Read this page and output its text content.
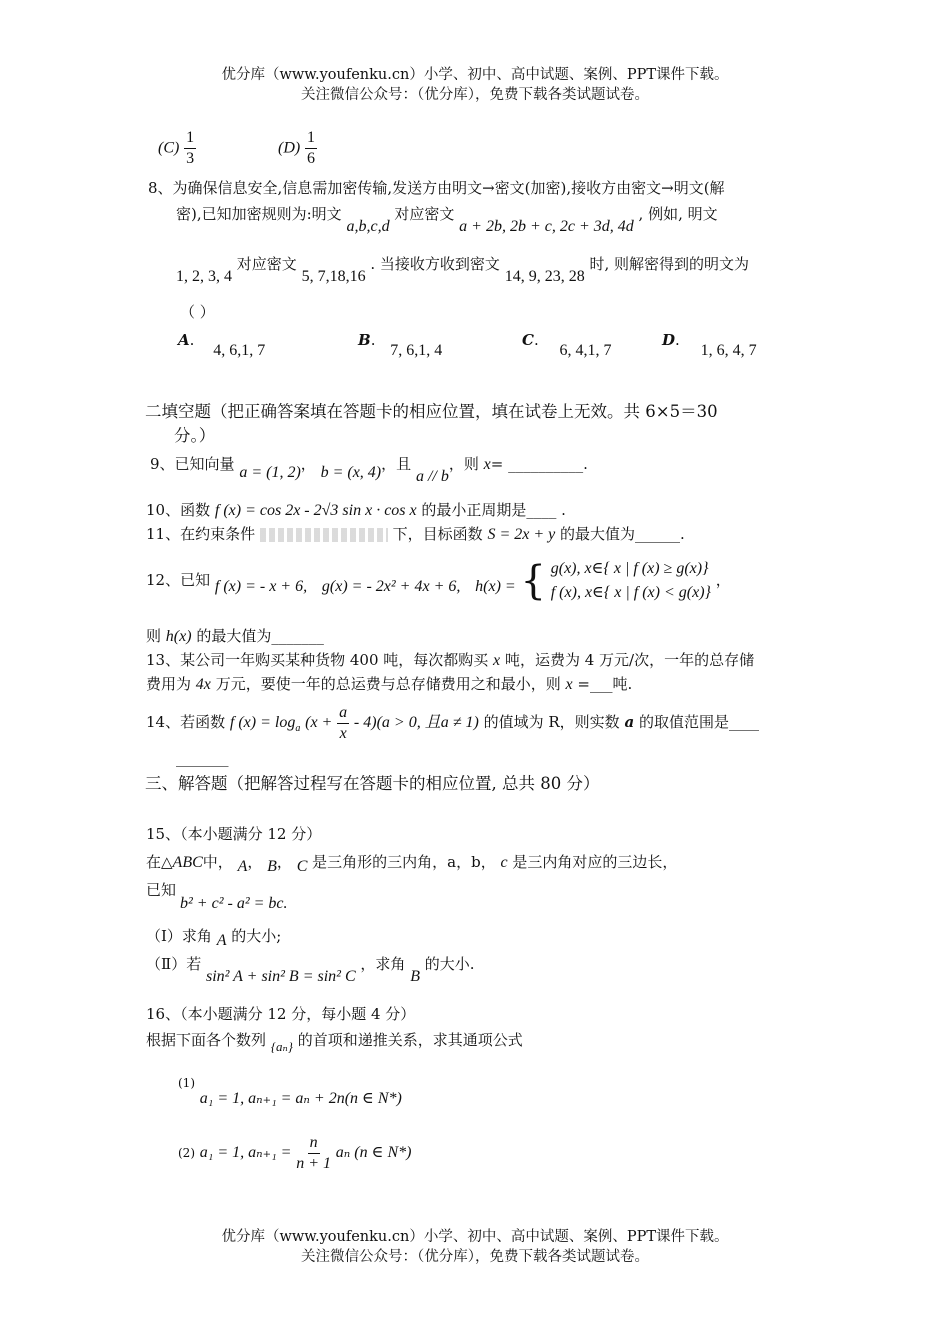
优分库（www.youfenku.cn）小学、初中、高中试题、案例、PPT课件下载。
关注微信公众号：（优分库），免费下载各类试题试卷。
$(C) \frac{1}{3}$	$(D) \frac{1}{6}$
8、为确保信息安全,信息需加密传输,发送方由明文→密文(加密),接收方由密文→明文(解
密),已知加密规则为:明文 a,b,c,d 对应密文 a + 2b, 2b + c, 2c + 3d, 4d , 例如, 明文
1, 2, 3, 4 对应密文 5, 7,18,16 . 当接收方收到密文 14, 9, 23, 28 时, 则解密得到的明文为
（ ）
A. 4, 6,1, 7
B. 7, 6,1, 4
C. 6, 4,1, 7
D. 1, 6, 4, 7
二填空题（把正确答案填在答题卡的相应位置，填在试卷上无效。共 6×5＝30
分。）
9、已知向量 a = (1, 2)， b = (x, 4)，且 a // b，则 x= __________.
10、函数 f (x) = cos 2x - 2√3 sin x · cos x 的最小正周期是____ .
11、在约束条件	下，目标函数 S = 2x + y 的最大值为______.
12、已知 f (x) = - x + 6, g(x) = - 2x² + 4x + 6, h(x) = { g(x), x∈{ x | f (x) ≥ g(x)}
f (x), x∈{ x | f (x) < g(x)}
，
则 h(x) 的最大值为_______
13、某公司一年购买某种货物 400 吨，每次都购买 x 吨，运费为 4 万元/次，一年的总存储
费用为 4x 万元，要使一年的总运费与总存储费用之和最小，则 x =___吨.
14、若函数 f $(x) = \log_a (x + \frac{a}{x} - 4)(a > 0$, 且a ≠ 1) 的值域为 R，则实数 a 的取值范围是____
_______
三、解答题（把解答过程写在答题卡的相应位置, 总共 80 分）
15、（本小题满分 12 分）
在△ABC中， A， B， C 是三角形的三内角，a，b， c 是三内角对应的三边长，
已知
b² + c² - a² = bc.
（Ⅰ）求角 A 的大小;
（Ⅱ）若 sin² A + sin² B = sin² C ，求角 B 的大小.
16、（本小题满分 12 分，每小题 4 分）
根据下面各个数列 {aₙ} 的首项和递推关系，求其通项公式
$^{(1)}$ a₁ = 1, aₙ₊₁ = aₙ + 2n(n ∈ N*)
(2) a₁ = 1, $a_{n+1} = \frac{n}{n + 1}$ aₙ (n ∈ N*)
优分库（www.youfenku.cn）小学、初中、高中试题、案例、PPT课件下载。
关注微信公众号：（优分库），免费下载各类试题试卷。
